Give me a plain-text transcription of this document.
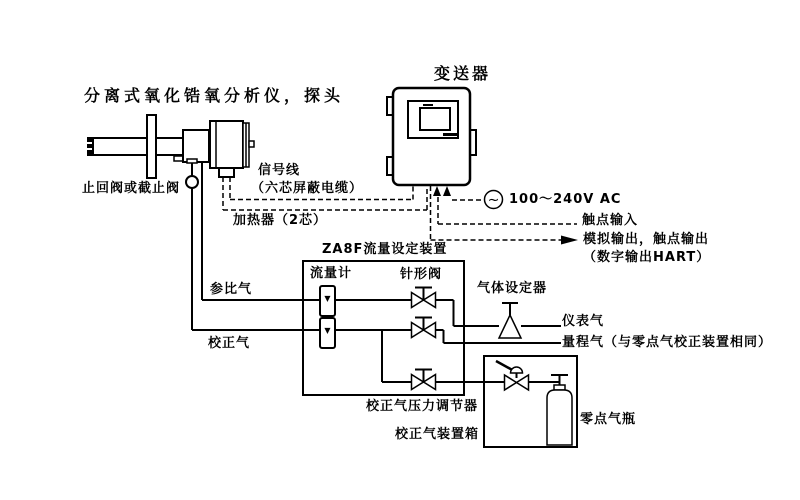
▼
▼
~
分离式氧化锆氧分析仪，探头
变送器
止回阀或截止阀
信号线
（六芯屏蔽电缆）
加热器（2芯）
100～240V AC
触点输入
模拟输出，触点输出
（数字输出HART）
ZA8F流量设定装置
流量计	针形阀
参比气
校正气
气体设定器
仪表气
量程气（与零点气校正装置相同）
校正气压力调节器
校正气装置箱
零点气瓶
